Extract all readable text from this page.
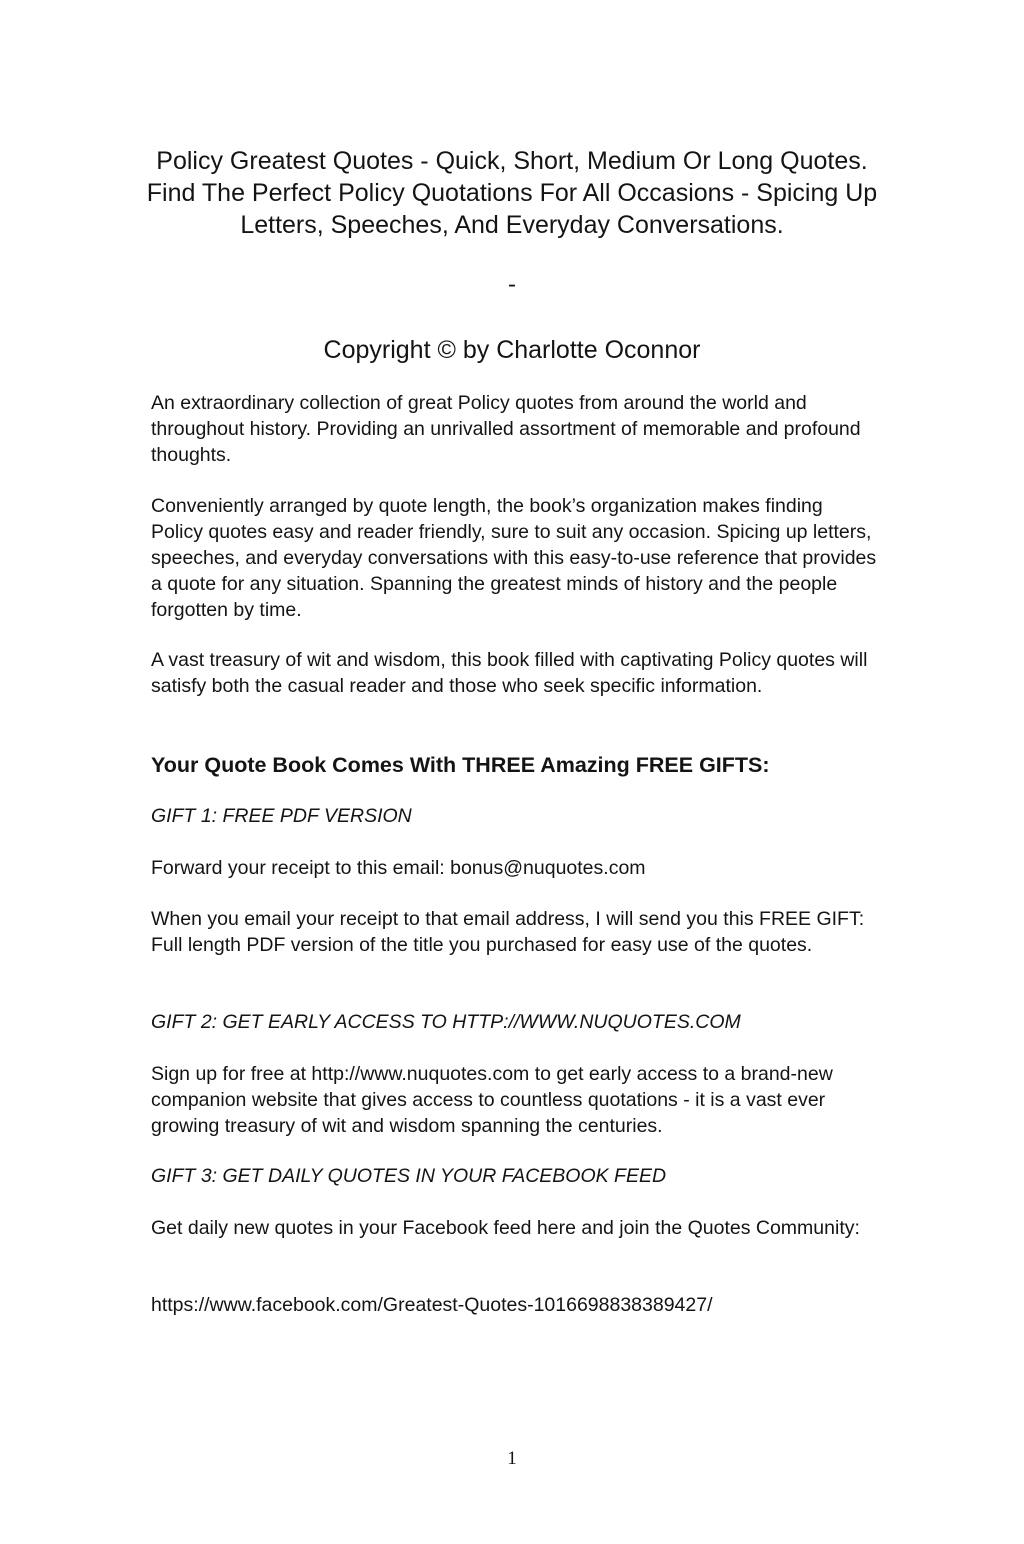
Policy Greatest Quotes - Quick, Short, Medium Or Long Quotes. Find The Perfect Policy Quotations For All Occasions - Spicing Up Letters, Speeches, And Everyday Conversations.
-
Copyright © by Charlotte Oconnor

An extraordinary collection of great Policy quotes from around the world and throughout history. Providing an unrivalled assortment of memorable and profound thoughts.

Conveniently arranged by quote length, the book’s organization makes finding Policy quotes easy and reader friendly, sure to suit any occasion. Spicing up letters, speeches, and everyday conversations with this easy-to-use reference that provides a quote for any situation. Spanning the greatest minds of history and the people forgotten by time.

A vast treasury of wit and wisdom, this book filled with captivating Policy quotes will satisfy both the casual reader and those who seek specific information.

Your Quote Book Comes With THREE Amazing FREE GIFTS:

GIFT 1: FREE PDF VERSION

Forward your receipt to this email: bonus@nuquotes.com

When you email your receipt to that email address, I will send you this FREE GIFT: Full length PDF version of the title you purchased for easy use of the quotes.

GIFT 2: GET EARLY ACCESS TO HTTP://WWW.NUQUOTES.COM

Sign up for free at http://www.nuquotes.com to get early access to a brand-new companion website that gives access to countless quotations - it is a vast ever growing treasury of wit and wisdom spanning the centuries.

GIFT 3: GET DAILY QUOTES IN YOUR FACEBOOK FEED

Get daily new quotes in your Facebook feed here and join the Quotes Community:

https://www.facebook.com/Greatest-Quotes-1016698838389427/

1
